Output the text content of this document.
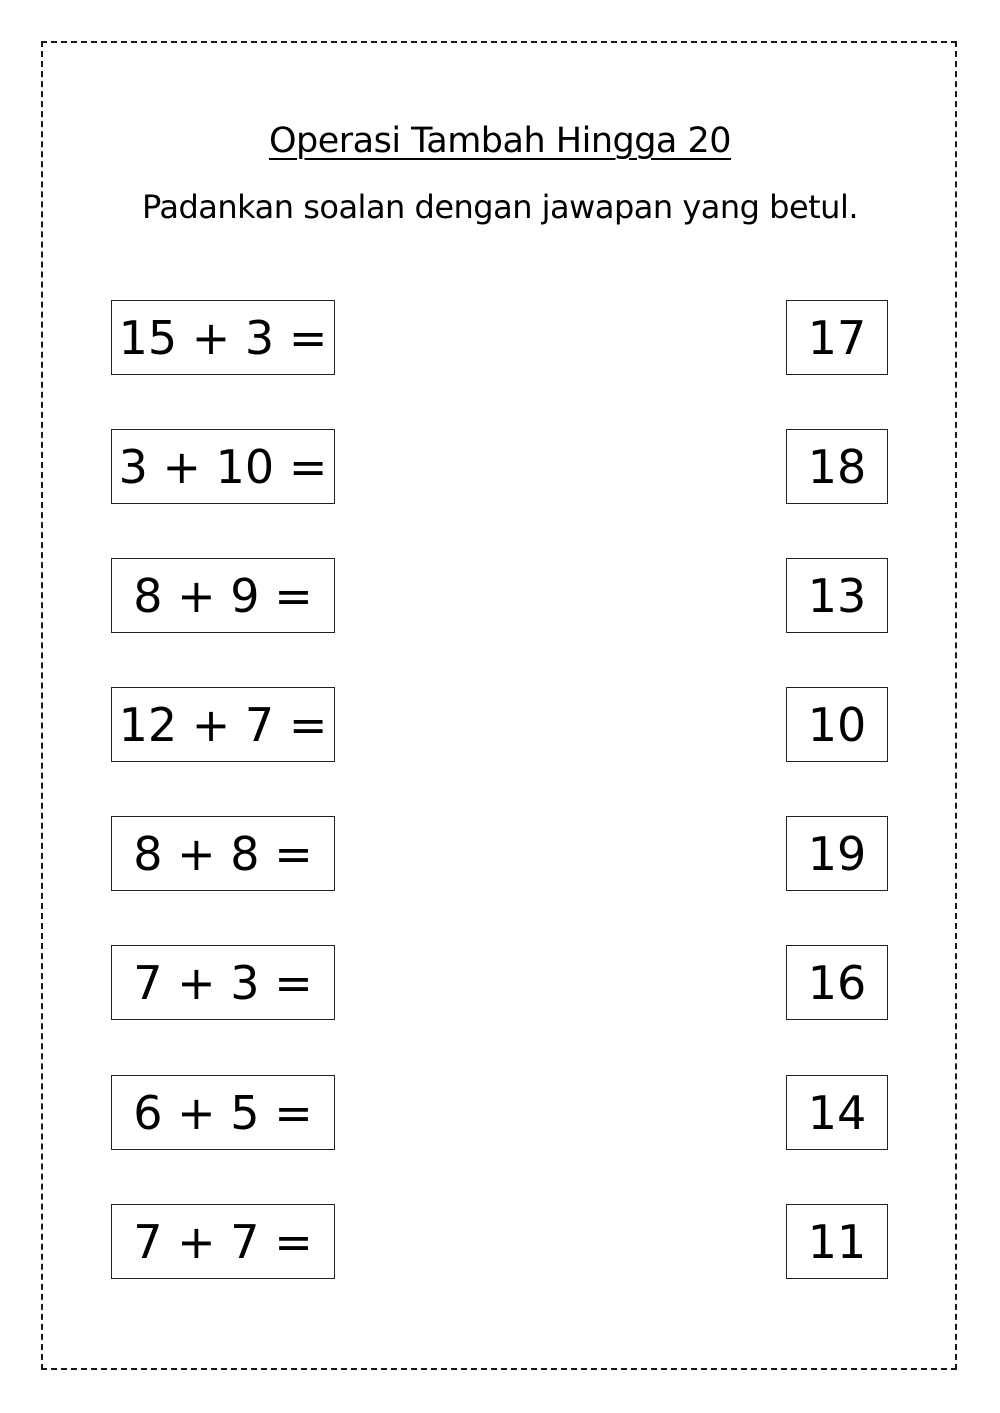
Operasi Tambah Hingga 20
Padankan soalan dengan jawapan yang betul.
15 + 3 =
3 + 10 =
8 + 9 =
12 + 7 =
8 + 8 =
7 + 3 =
6 + 5 =
7 + 7 =
17
18
13
10
19
16
14
11
